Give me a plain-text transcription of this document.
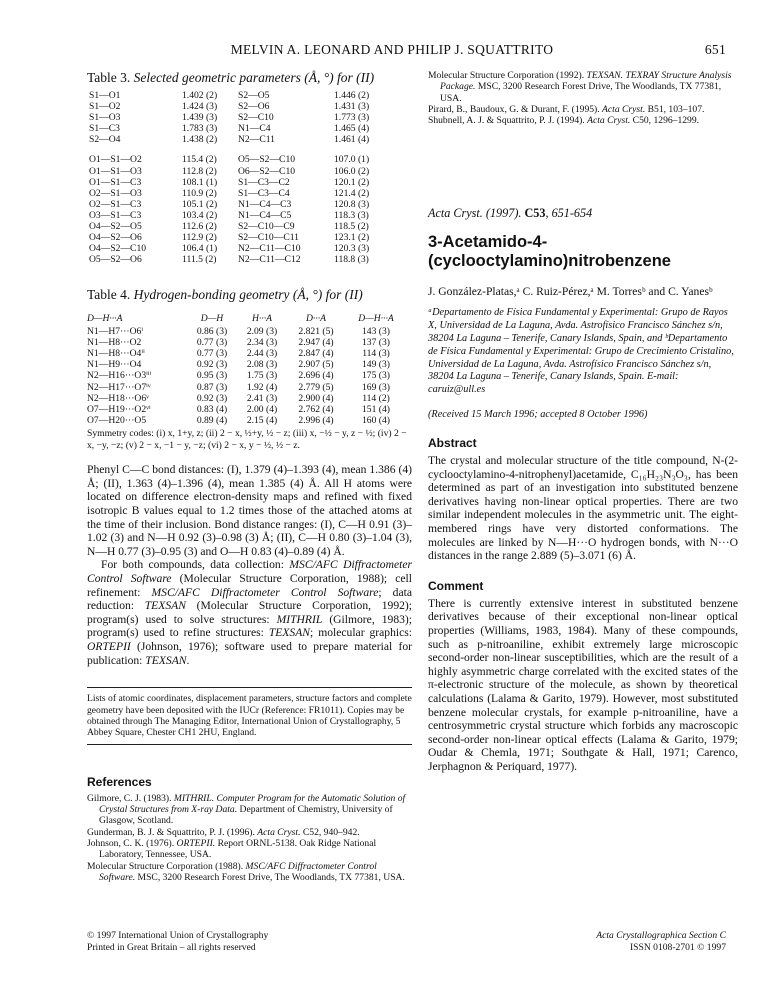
MELVIN A. LEONARD AND PHILIP J. SQUATTRITO	651

Table 3. Selected geometric parameters (Å, °) for (II)

S1—O1	1.402 (2)	S2—O5	1.446 (2)
S1—O2	1.424 (3)	S2—O6	1.431 (3)
S1—O3	1.439 (3)	S2—C10	1.773 (3)
S1—C3	1.783 (3)	N1—C4	1.465 (4)
S2—O4	1.438 (2)	N2—C11	1.461 (4)

O1—S1—O2	115.4 (2)	O5—S2—C10	107.0 (1)
O1—S1—O3	112.8 (2)	O6—S2—C10	106.0 (2)
O1—S1—C3	108.1 (1)	S1—C3—C2	120.1 (2)
O2—S1—O3	110.9 (2)	S1—C3—C4	121.4 (2)
O2—S1—C3	105.1 (2)	N1—C4—C3	120.8 (3)
O3—S1—C3	103.4 (2)	N1—C4—C5	118.3 (3)
O4—S2—O5	112.6 (2)	S2—C10—C9	118.5 (2)
O4—S2—O6	112.9 (2)	S2—C10—C11	123.1 (2)
O4—S2—C10	106.4 (1)	N2—C11—C10	120.3 (3)
O5—S2—O6	111.5 (2)	N2—C11—C12	118.8 (3)

Table 4. Hydrogen-bonding geometry (Å, °) for (II)

D—H···A	D—H	H···A	D···A	D—H···A
N1—H7···O6ⁱ	0.86 (3)	2.09 (3)	2.821 (5)	143 (3)
N1—H8···O2	0.77 (3)	2.34 (3)	2.947 (4)	137 (3)
N1—H8···O4ⁱⁱ	0.77 (3)	2.44 (3)	2.847 (4)	114 (3)
N1—H9···O4	0.92 (3)	2.08 (3)	2.907 (5)	149 (3)
N2—H16···O3ⁱⁱⁱ	0.95 (3)	1.75 (3)	2.696 (4)	175 (3)
N2—H17···O7ⁱᵛ	0.87 (3)	1.92 (4)	2.779 (5)	169 (3)
N2—H18···O6ᵛ	0.92 (3)	2.41 (3)	2.900 (4)	114 (2)
O7—H19···O2ᵛⁱ	0.83 (4)	2.00 (4)	2.762 (4)	151 (4)
O7—H20···O5	0.89 (4)	2.15 (4)	2.996 (4)	160 (4)

Symmetry codes: (i) x, 1+y, z; (ii) 2 − x, ½+y, ½ − z; (iii) x, −½ − y, z − ½; (iv) 2 − x, −y, −z; (v) 2 − x, −1 − y, −z; (vi) 2 − x, y − ½, ½ − z.

Phenyl C—C bond distances: (I), 1.379 (4)–1.393 (4), mean 1.386 (4) Å; (II), 1.363 (4)–1.396 (4), mean 1.385 (4) Å. All H atoms were located on difference electron-density maps and refined with fixed isotropic B values equal to 1.2 times those of the attached atoms at the time of their inclusion. Bond distance ranges: (I), C—H 0.91 (3)–1.02 (3) and N—H 0.92 (3)–0.98 (3) Å; (II), C—H 0.80 (3)–1.04 (3), N—H 0.77 (3)–0.95 (3) and O—H 0.83 (4)–0.89 (4) Å.

For both compounds, data collection: MSC/AFC Diffractometer Control Software (Molecular Structure Corporation, 1988); cell refinement: MSC/AFC Diffractometer Control Software; data reduction: TEXSAN (Molecular Structure Corporation, 1992); program(s) used to solve structures: MITHRIL (Gilmore, 1983); program(s) used to refine structures: TEXSAN; molecular graphics: ORTEPII (Johnson, 1976); software used to prepare material for publication: TEXSAN.

Lists of atomic coordinates, displacement parameters, structure factors and complete geometry have been deposited with the IUCr (Reference: FR1011). Copies may be obtained through The Managing Editor, International Union of Crystallography, 5 Abbey Square, Chester CH1 2HU, England.

References

Gilmore, C. J. (1983). MITHRIL. Computer Program for the Automatic Solution of Crystal Structures from X-ray Data. Department of Chemistry, University of Glasgow, Scotland.

Gunderman, B. J. & Squattrito, P. J. (1996). Acta Cryst. C52, 940–942.

Johnson, C. K. (1976). ORTEPII. Report ORNL-5138. Oak Ridge National Laboratory, Tennessee, USA.

Molecular Structure Corporation (1988). MSC/AFC Diffractometer Control Software. MSC, 3200 Research Forest Drive, The Woodlands, TX 77381, USA.

Molecular Structure Corporation (1992). TEXSAN. TEXRAY Structure Analysis Package. MSC, 3200 Research Forest Drive, The Woodlands, TX 77381, USA.

Pirard, B., Baudoux, G. & Durant, F. (1995). Acta Cryst. B51, 103–107.

Shubnell, A. J. & Squattrito, P. J. (1994). Acta Cryst. C50, 1296–1299.

Acta Cryst. (1997). C53, 651-654

3-Acetamido-4-(cyclooctylamino)nitrobenzene

J. González-Platas,ᵃ C. Ruiz-Pérez,ᵃ M. Torresᵇ and C. Yanesᵇ

ᵃDepartamento de Física Fundamental y Experimental: Grupo de Rayos X, Universidad de La Laguna, Avda. Astrofísico Francisco Sánchez s/n, 38204 La Laguna – Tenerife, Canary Islands, Spain, and ᵇDepartamento de Física Fundamental y Experimental: Grupo de Crecimiento Cristalino, Universidad de La Laguna, Avda. Astrofísico Francisco Sánchez s/n, 38204 La Laguna – Tenerife, Canary Islands, Spain. E-mail: caruiz@ull.es

(Received 15 March 1996; accepted 8 October 1996)

Abstract

The crystal and molecular structure of the title compound, N-(2-cyclooctylamino-4-nitrophenyl)acetamide, C₁₆H₂₃N₃O₃, has been determined as part of an investigation into substituted benzene derivatives having non-linear optical properties. There are two similar independent molecules in the asymmetric unit. The eight-membered rings have very distorted conformations. The molecules are linked by N—H···O hydrogen bonds, with N···O distances in the range 2.889 (5)–3.071 (6) Å.

Comment

There is currently extensive interest in substituted benzene derivatives because of their exceptional non-linear optical properties (Williams, 1983, 1984). Many of these compounds, such as p-nitroaniline, exhibit extremely large microscopic second-order non-linear susceptibilities, which are the result of a highly asymmetric charge correlated with the excited states of the π-electronic structure of the molecule, as shown by theoretical calculations (Lalama & Garito, 1979). However, most substituted benzene molecular crystals, for example p-nitroaniline, have a centrosymmetric crystal structure which forbids any macroscopic second-order non-linear optical effects (Lalama & Garito, 1979; Oudar & Chemla, 1971; Southgate & Hall, 1971; Carenco, Jerphagnon & Periquard, 1977).

© 1997 International Union of Crystallography
Printed in Great Britain – all rights reserved
Acta Crystallographica Section C
ISSN 0108-2701 © 1997
